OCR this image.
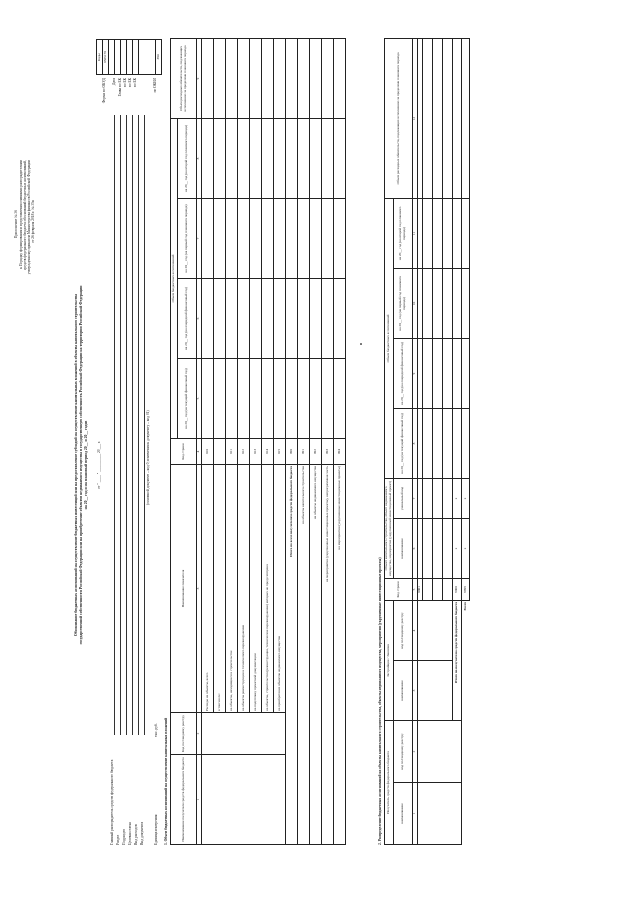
Приложение № 36 к Порядку формирования и представления главными распорядителями средств федерального бюджета обоснований бюджетных ассигнований, утвержденному приказом Министерства финансов Российской Федерации от 26 февраля 2018 г. № 35н
Обоснование бюджетных ассигнований на осуществление бюджетных инвестиций или на предоставление субсидий на осуществление капитальных вложений в объекты капитального строительства государственной собственности Российской Федерации или на приобретение объектов недвижимого имущества в государственную собственность Российской Федерации на территории Российской Федерации на 20__ год и на плановый период 20__ и 20__ годов	от " ____ " __________ 20___ г.
Коды
0505170

384
Форма по ОКУД Дата Глава по БК по БК по БК по БК	по ОКЕИ
Главный распорядитель средств федерального бюджета Раздел Подраздел Целевая статья Вид расходов Вид документа
(основной документ – код 0; изменения к документу – код 01)
Единица измерения:
тыс. руб. 1. Объем бюджетных ассигнований на осуществление капитальных вложений	Наименование получателя средств федерального бюджета	Код по Сводному реестру	Наименование показателя	Код строки	Объем бюджетных ассигнований				Объем расходных обязательств, подлежащих исполнению за пределами планового периода
				на 20__ год (на текущий финансовый год)	на 20__ год (на очередной финансовый год)	на 20__ год (на первый год планового периода)	на 20__ год (на второй год планового периода)	
1	2	3	4	5	6	7	8	9
		Расходы на объекты, всего	010					
		в том числе:						
		на объекты, находящиеся в строительстве	011					
		на объекты реконструкции и технического перевооружения	012					
		на подготовку проектной документации	013					
		на объекты, строительство (реконструкция, техническое перевооружение) которых не предусмотрено	014					
		на приобретение объектов недвижимого имущества	015					
Итого по всем получателям средств федерального бюджета			090					
на объекты капитального строительства			091					
на объекты недвижимого имущества			092					
на мероприятия (укрупненные инвестиционные проекты), непрограммная часть			093					
на мероприятия (укрупненные инвестиционные проекты)			094					
2. Распределение бюджетных ассигнований на объекты капитального строительства, объекты недвижимого имущества, мероприятия (укрупненные инвестиционные проекты) Получатель средств федерального бюджета		Застройщик / Заказчик		Код строки	Объект капитального строительства, объект недвижимого имущества, мероприятие (укрупненный инвестиционный проект)		Объем бюджетных ассигнований				Объем расходных обязательств, подлежащих исполнению за пределами планового периода
наименование	код по Сводному реестру	наименование	код по Сводному реестру		наименование	уникальный код	на 20__ год (на текущий финансовый год)	на 20__ год (на очередной финансовый год)	на 20__ год (на первый год планового периода)	на 20__ год (на второй год планового периода)	
1	2	3	4	5	6	7	8	9	10	11	12
				0001							

		Итого по получателю средств федерального бюджета		9000	x	x					
Всего				9999	x	x					
